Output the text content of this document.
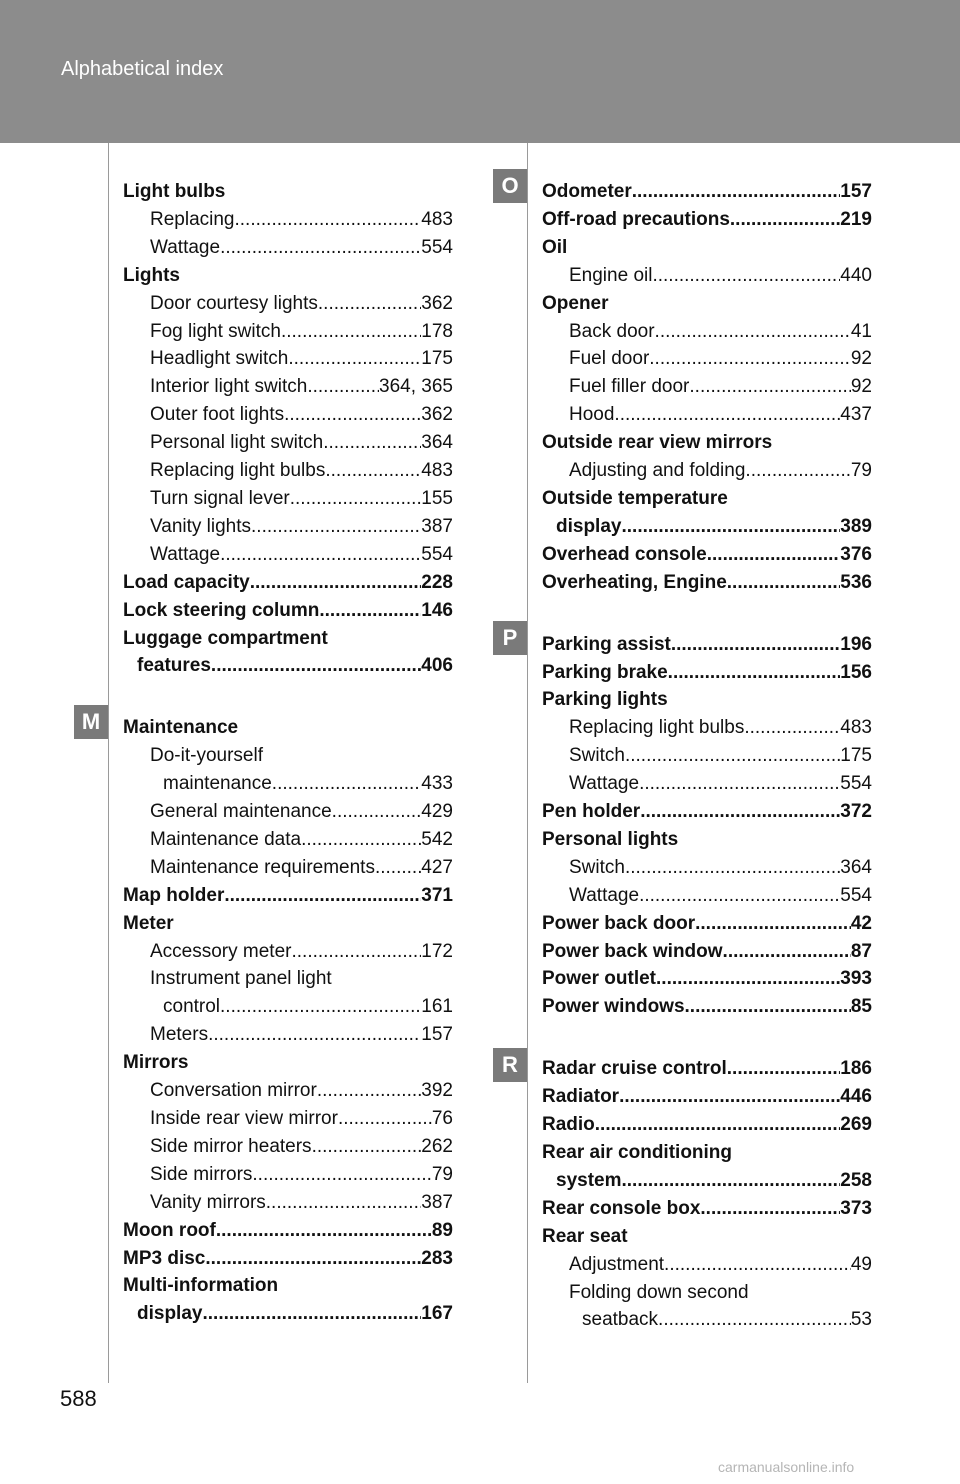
Alphabetical index
M
O
P
R
Light bulbs
Replacing .....	483
Wattage .....	554
Lights
Door courtesy lights .....	362
Fog light switch .....	178
Headlight switch .....	175
Interior light switch .....	364, 365
Outer foot lights .....	362
Personal light switch .....	364
Replacing light bulbs .....	483
Turn signal lever .....	155
Vanity lights .....	387
Wattage .....	554
Load capacity .....	228
Lock steering column .....	146
Luggage compartment
features .....	406
Maintenance
Do-it-yourself
maintenance .....	433
General maintenance .....	429
Maintenance data .....	542
Maintenance requirements ..... 427
Map holder .....	371
Meter
Accessory meter .....	172
Instrument panel light
control .....	161
Meters .....	157
Mirrors
Conversation mirror .....	392
Inside rear view mirror .....	76
Side mirror heaters .....	262
Side mirrors .....	79
Vanity mirrors .....	387
Moon roof .....	89
MP3 disc .....	283
Multi-information
display .....	167
Odometer .....	157
Off-road precautions .....	219
Oil
Engine oil .....	440
Opener
Back door .....	41
Fuel door .....	92
Fuel filler door .....	92
Hood .....	437
Outside rear view mirrors
Adjusting and folding .....	79
Outside temperature
display .....	389
Overhead console .....	376
Overheating, Engine .....	536
Parking assist .....	196
Parking brake .....	156
Parking lights
Replacing light bulbs .....	483
Switch .....	175
Wattage .....	554
Pen holder .....	372
Personal lights
Switch .....	364
Wattage .....	554
Power back door .....	42
Power back window .....	87
Power outlet .....	393
Power windows .....	85
Radar cruise control .....	186
Radiator .....	446
Radio .....	269
Rear air conditioning
system .....	258
Rear console box .....	373
Rear seat
Adjustment .....	49
Folding down second
seatback .....	53
588
carmanualsonline.info
